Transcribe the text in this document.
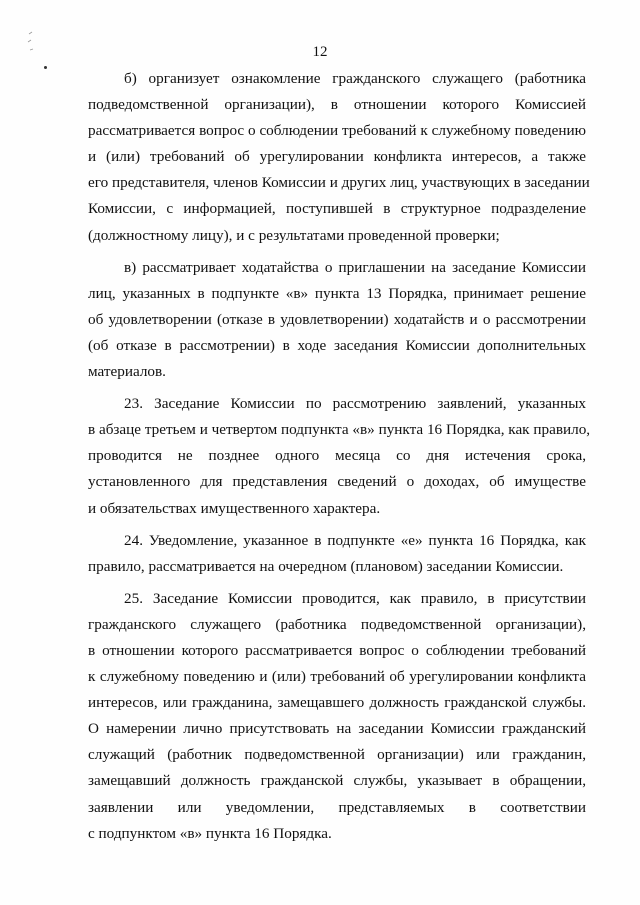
12
б) организует ознакомление гражданского служащего (работника
подведомственной организации), в отношении которого Комиссией
рассматривается вопрос о соблюдении требований к служебному поведению
и (или) требований об урегулировании конфликта интересов, а также
его представителя, членов Комиссии и других лиц, участвующих в заседании
Комиссии, с информацией, поступившей в структурное подразделение
(должностному лицу), и с результатами проведенной проверки;
в) рассматривает ходатайства о приглашении на заседание Комиссии
лиц, указанных в подпункте «в» пункта 13 Порядка, принимает решение
об удовлетворении (отказе в удовлетворении) ходатайств и о рассмотрении
(об отказе в рассмотрении) в ходе заседания Комиссии дополнительных
материалов.
23. Заседание Комиссии по рассмотрению заявлений, указанных
в абзаце третьем и четвертом подпункта «в» пункта 16 Порядка, как правило,
проводится не позднее одного месяца со дня истечения срока,
установленного для представления сведений о доходах, об имуществе
и обязательствах имущественного характера.
24. Уведомление, указанное в подпункте «е» пункта 16 Порядка, как
правило, рассматривается на очередном (плановом) заседании Комиссии.
25. Заседание Комиссии проводится, как правило, в присутствии
гражданского служащего (работника подведомственной организации),
в отношении которого рассматривается вопрос о соблюдении требований
к служебному поведению и (или) требований об урегулировании конфликта
интересов, или гражданина, замещавшего должность гражданской службы.
О намерении лично присутствовать на заседании Комиссии гражданский
служащий (работник подведомственной организации) или гражданин,
замещавший должность гражданской службы, указывает в обращении,
заявлении или уведомлении, представляемых в соответствии
с подпунктом «в» пункта 16 Порядка.
